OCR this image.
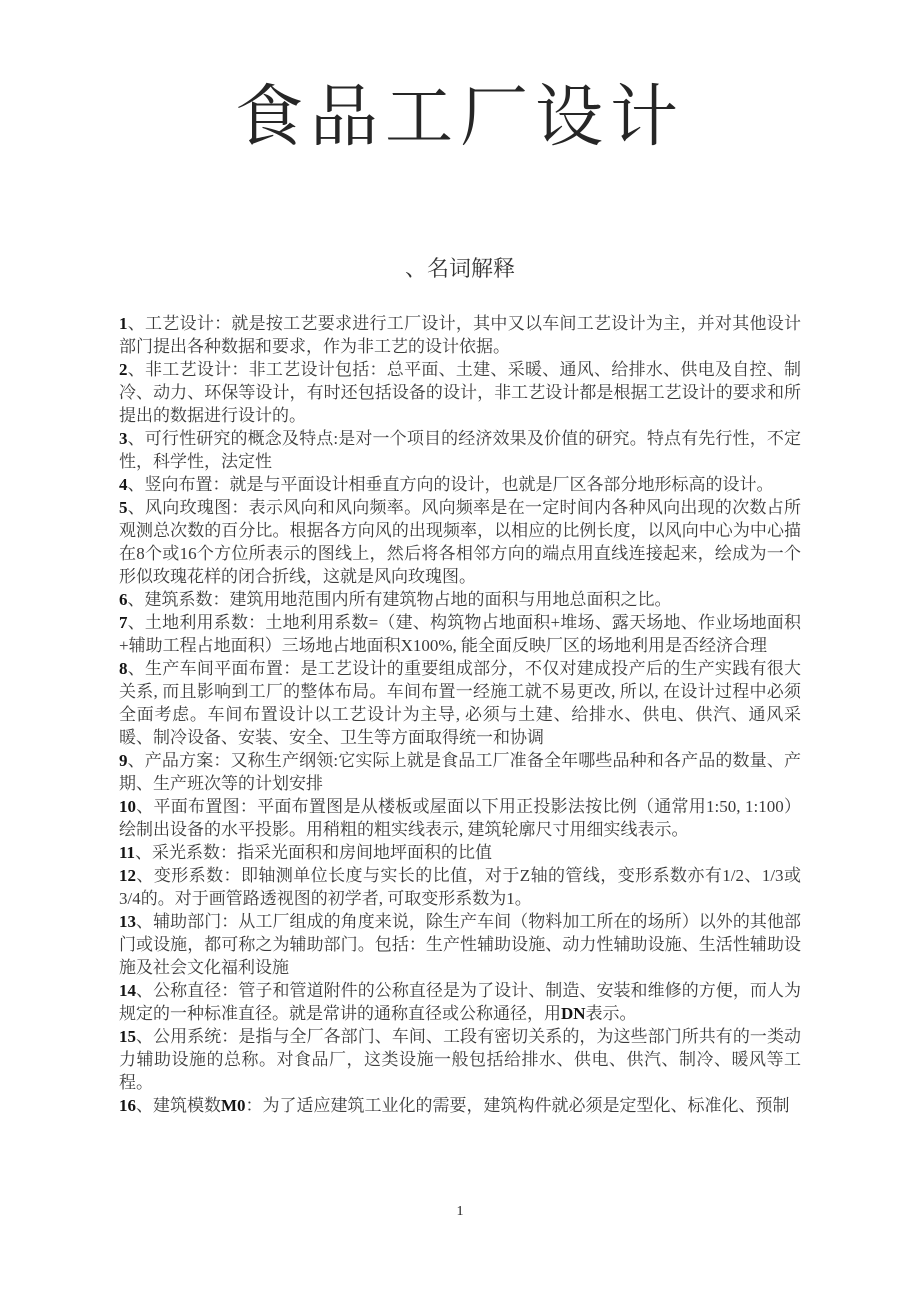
食品工厂设计
、名词解释

1、工艺设计：就是按工艺要求进行工厂设计，其中又以车间工艺设计为主，并对其他设计部门提出各种数据和要求，作为非工艺的设计依据。

2、非工艺设计：非工艺设计包括：总平面、土建、采暖、通风、给排水、供电及自控、制冷、动力、环保等设计，有时还包括设备的设计，非工艺设计都是根据工艺设计的要求和所提出的数据进行设计的。

3、可行性研究的概念及特点:是对一个项目的经济效果及价值的研究。特点有先行性，不定性，科学性，法定性

4、竖向布置：就是与平面设计相垂直方向的设计，也就是厂区各部分地形标高的设计。

5、风向玫瑰图：表示风向和风向频率。风向频率是在一定时间内各种风向出现的次数占所观测总次数的百分比。根据各方向风的出现频率，以相应的比例长度，以风向中心为中心描在8个或16个方位所表示的图线上，然后将各相邻方向的端点用直线连接起来，绘成为一个形似玫瑰花样的闭合折线，这就是风向玫瑰图。

6、建筑系数：建筑用地范围内所有建筑物占地的面积与用地总面积之比。

7、土地利用系数：土地利用系数=（建、构筑物占地面积+堆场、露天场地、作业场地面积+辅助工程占地面积）三场地占地面积X100%, 能全面反映厂区的场地利用是否经济合理

8、生产车间平面布置：是工艺设计的重要组成部分，不仅对建成投产后的生产实践有很大关系, 而且影响到工厂的整体布局。车间布置一经施工就不易更改, 所以, 在设计过程中必须全面考虑。车间布置设计以工艺设计为主导, 必须与土建、给排水、供电、供汽、通风采暖、制冷设备、安装、安全、卫生等方面取得统一和协调

9、产品方案：又称生产纲领:它实际上就是食品工厂准备全年哪些品种和各产品的数量、产期、生产班次等的计划安排

10、平面布置图：平面布置图是从楼板或屋面以下用正投影法按比例（通常用1:50, 1:100）绘制出设备的水平投影。用稍粗的粗实线表示, 建筑轮廓尺寸用细实线表示。

11、采光系数：指采光面积和房间地坪面积的比值

12、变形系数：即轴测单位长度与实长的比值，对于Z轴的管线，变形系数亦有1/2、1/3或3/4的。对于画管路透视图的初学者, 可取变形系数为1。

13、辅助部门：从工厂组成的角度来说，除生产车间（物料加工所在的场所）以外的其他部门或设施，都可称之为辅助部门。包括：生产性辅助设施、动力性辅助设施、生活性辅助设施及社会文化福利设施

14、公称直径：管子和管道附件的公称直径是为了设计、制造、安装和维修的方便，而人为规定的一种标准直径。就是常讲的通称直径或公称通径，用DN表示。

15、公用系统：是指与全厂各部门、车间、工段有密切关系的，为这些部门所共有的一类动力辅助设施的总称。对食品厂，这类设施一般包括给排水、供电、供汽、制冷、暖风等工程。

16、建筑模数M0：为了适应建筑工业化的需要，建筑构件就必须是定型化、标准化、预制

1
